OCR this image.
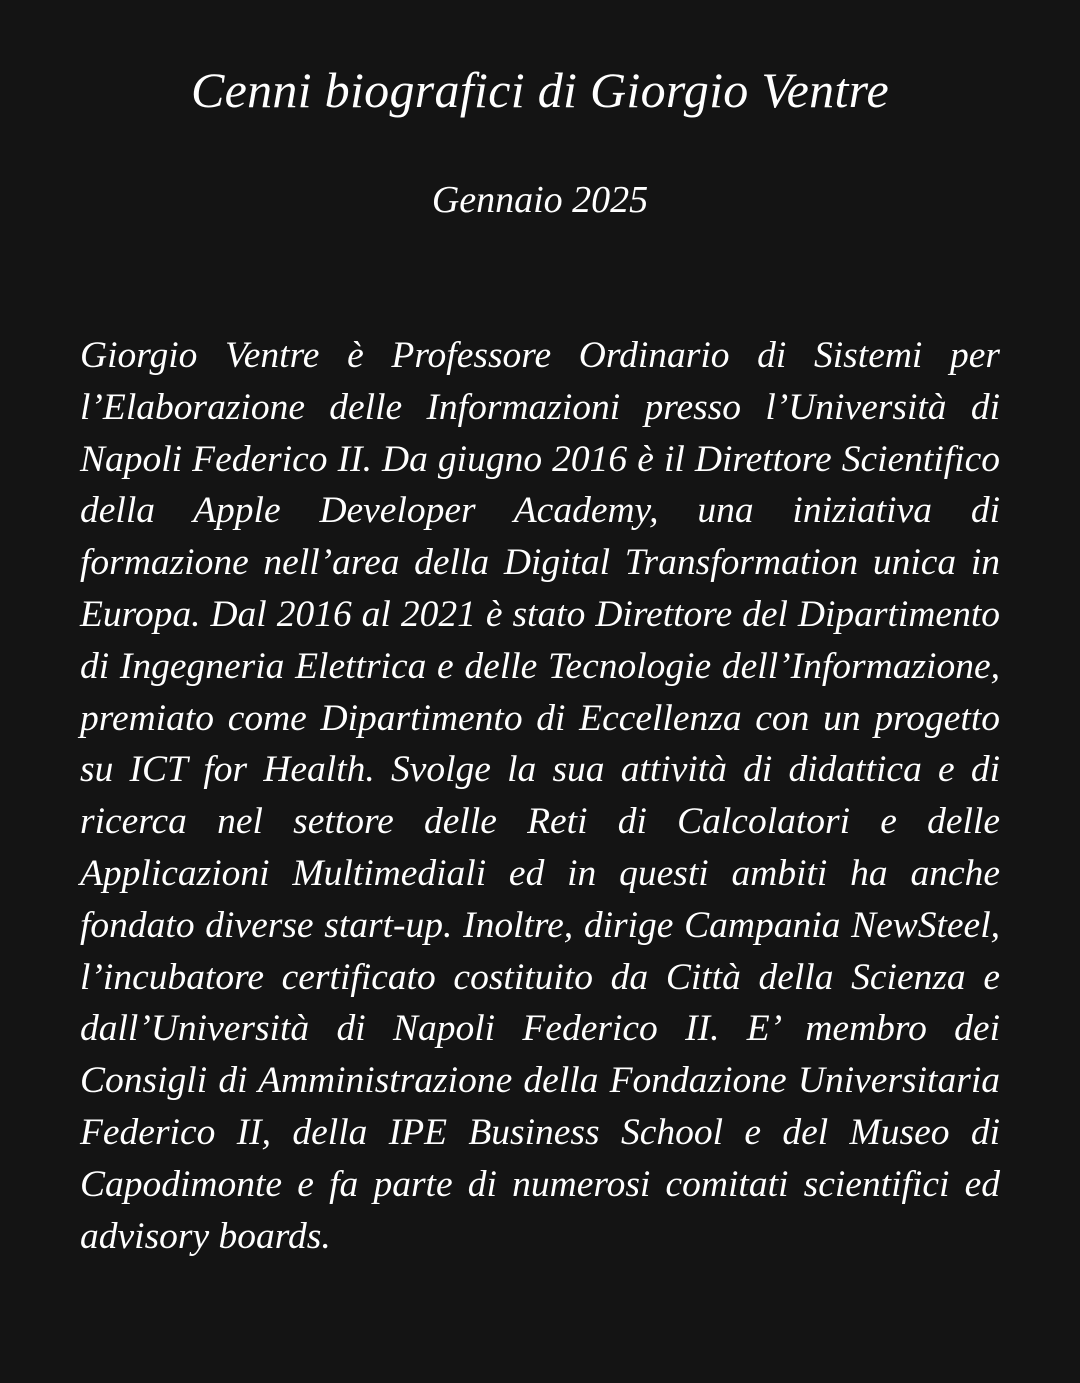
Cenni biografici di Giorgio Ventre
Gennaio 2025

Giorgio Ventre è Professore Ordinario di Sistemi per l’Elaborazione delle Informazioni presso l’Università di Napoli Federico II. Da giugno 2016 è il Direttore Scientifico della Apple Developer Academy, una iniziativa di formazione nell’area della Digital Transformation unica in Europa. Dal 2016 al 2021 è stato Direttore del Dipartimento di Ingegneria Elettrica e delle Tecnologie dell’Informazione, premiato come Dipartimento di Eccellenza con un progetto su ICT for Health. Svolge la sua attività di didattica e di ricerca nel settore delle Reti di Calcolatori e delle Applicazioni Multimediali ed in questi ambiti ha anche fondato diverse start-up. Inoltre, dirige Campania NewSteel, l’incubatore certificato costituito da Città della Scienza e dall’Università di Napoli Federico II. E’ membro dei Consigli di Amministrazione della Fondazione Universitaria Federico II, della IPE Business School e del Museo di Capodimonte e fa parte di numerosi comitati scientifici ed advisory boards.
